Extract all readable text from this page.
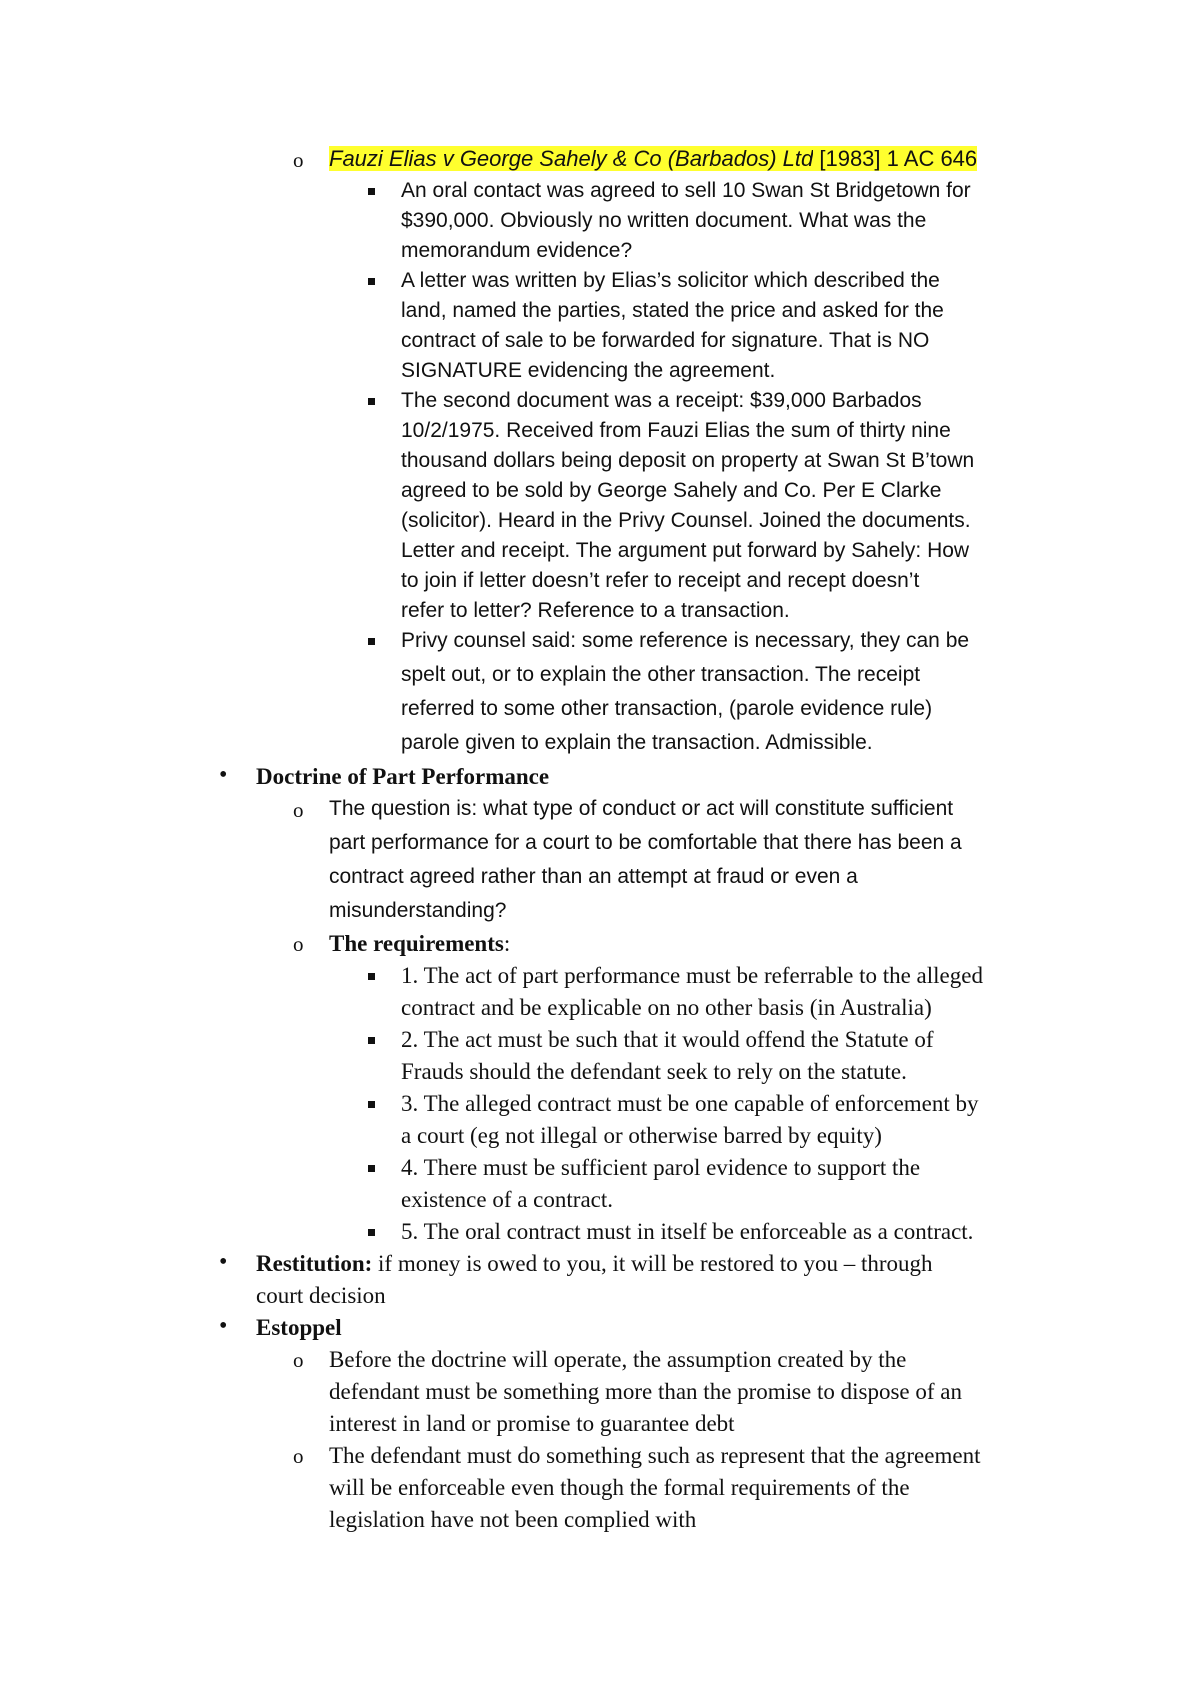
o Fauzi Elias v George Sahely & Co (Barbados) Ltd [1983] 1 AC 646
An oral contact was agreed to sell 10 Swan St Bridgetown for
$390,000. Obviously no written document. What was the
memorandum evidence?
A letter was written by Elias’s solicitor which described the
land, named the parties, stated the price and asked for the
contract of sale to be forwarded for signature. That is NO
SIGNATURE evidencing the agreement.
The second document was a receipt: $39,000 Barbados
10/2/1975. Received from Fauzi Elias the sum of thirty nine
thousand dollars being deposit on property at Swan St B’town
agreed to be sold by George Sahely and Co. Per E Clarke
(solicitor). Heard in the Privy Counsel. Joined the documents.
Letter and receipt. The argument put forward by Sahely: How
to join if letter doesn’t refer to receipt and recept doesn’t
refer to letter? Reference to a transaction.
Privy counsel said: some reference is necessary, they can be
spelt out, or to explain the other transaction. The receipt
referred to some other transaction, (parole evidence rule)
parole given to explain the transaction. Admissible.
• Doctrine of Part Performance
o The question is: what type of conduct or act will constitute sufficient
part performance for a court to be comfortable that there has been a
contract agreed rather than an attempt at fraud or even a
misunderstanding?
o The requirements:
1. The act of part performance must be referrable to the alleged
contract and be explicable on no other basis (in Australia)
2. The act must be such that it would offend the Statute of
Frauds should the defendant seek to rely on the statute.
3. The alleged contract must be one capable of enforcement by
a court (eg not illegal or otherwise barred by equity)
4. There must be sufficient parol evidence to support the
existence of a contract.
5. The oral contract must in itself be enforceable as a contract.
• Restitution: if money is owed to you, it will be restored to you – through
court decision
• Estoppel
o Before the doctrine will operate, the assumption created by the
defendant must be something more than the promise to dispose of an
interest in land or promise to guarantee debt
o The defendant must do something such as represent that the agreement
will be enforceable even though the formal requirements of the
legislation have not been complied with
